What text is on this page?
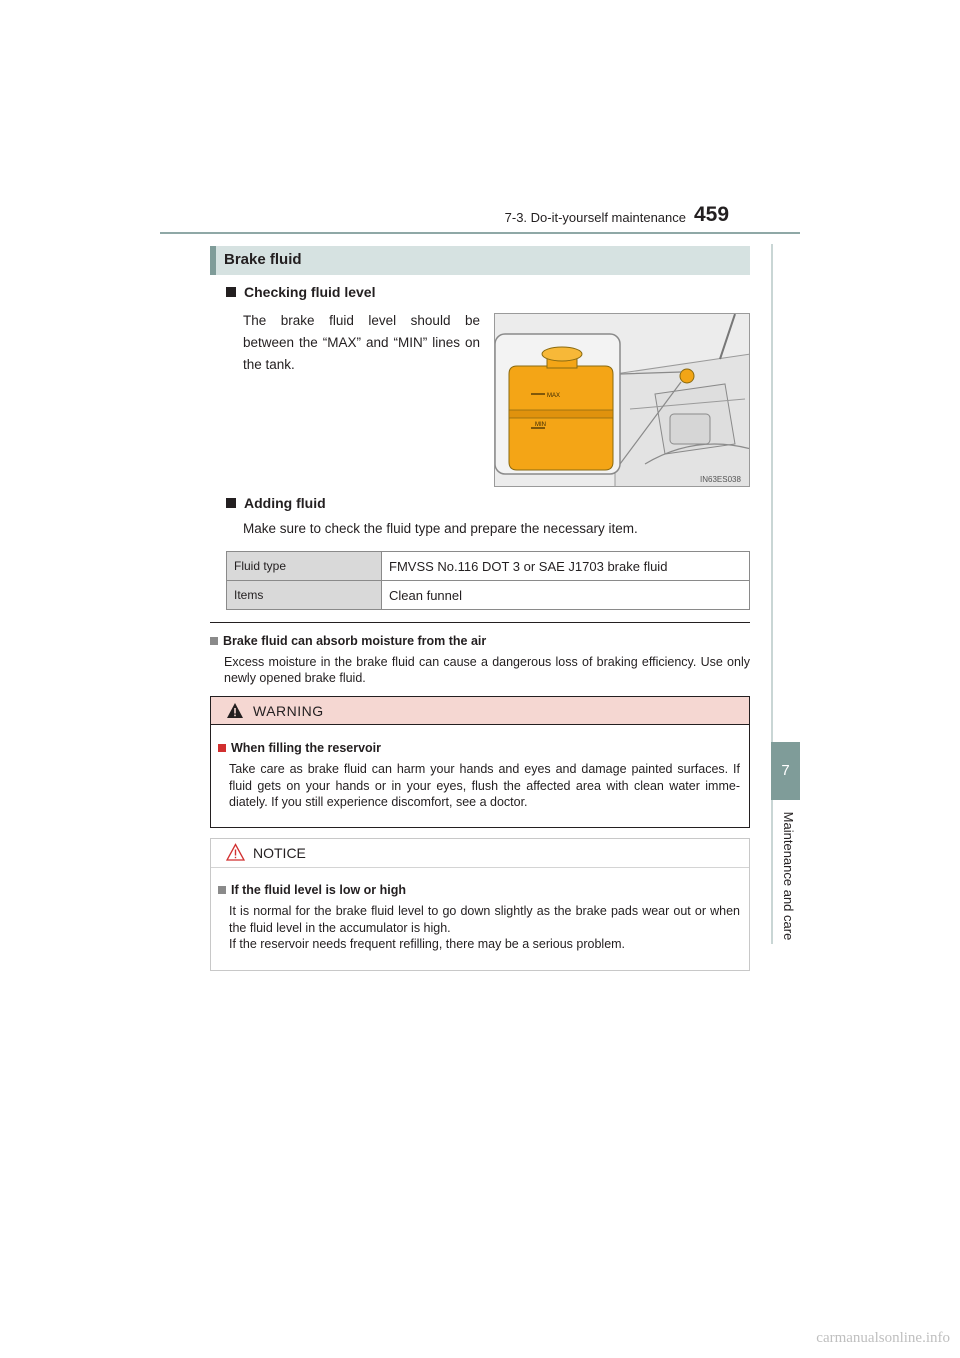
7-3. Do-it-yourself maintenance 459
7
Maintenance and care
Brake fluid
Checking fluid level
The brake fluid level should be between the “MAX” and “MIN” lines on the tank.
MAX
MIN
IN63ES038
Adding fluid
Make sure to check the fluid type and prepare the necessary item.
Fluid type	FMVSS No.116 DOT 3 or SAE J1703 brake fluid
Items	Clean funnel
Brake fluid can absorb moisture from the air
Excess moisture in the brake fluid can cause a dangerous loss of braking efficiency. Use only newly opened brake fluid.
WARNING
When filling the reservoir
Take care as brake fluid can harm your hands and eyes and damage painted surfaces. If fluid gets on your hands or in your eyes, flush the affected area with clean water imme-diately. If you still experience discomfort, see a doctor.
NOTICE
If the fluid level is low or high
It is normal for the brake fluid level to go down slightly as the brake pads wear out or when the fluid level in the accumulator is high.
If the reservoir needs frequent refilling, there may be a serious problem.
carmanualsonline.info
